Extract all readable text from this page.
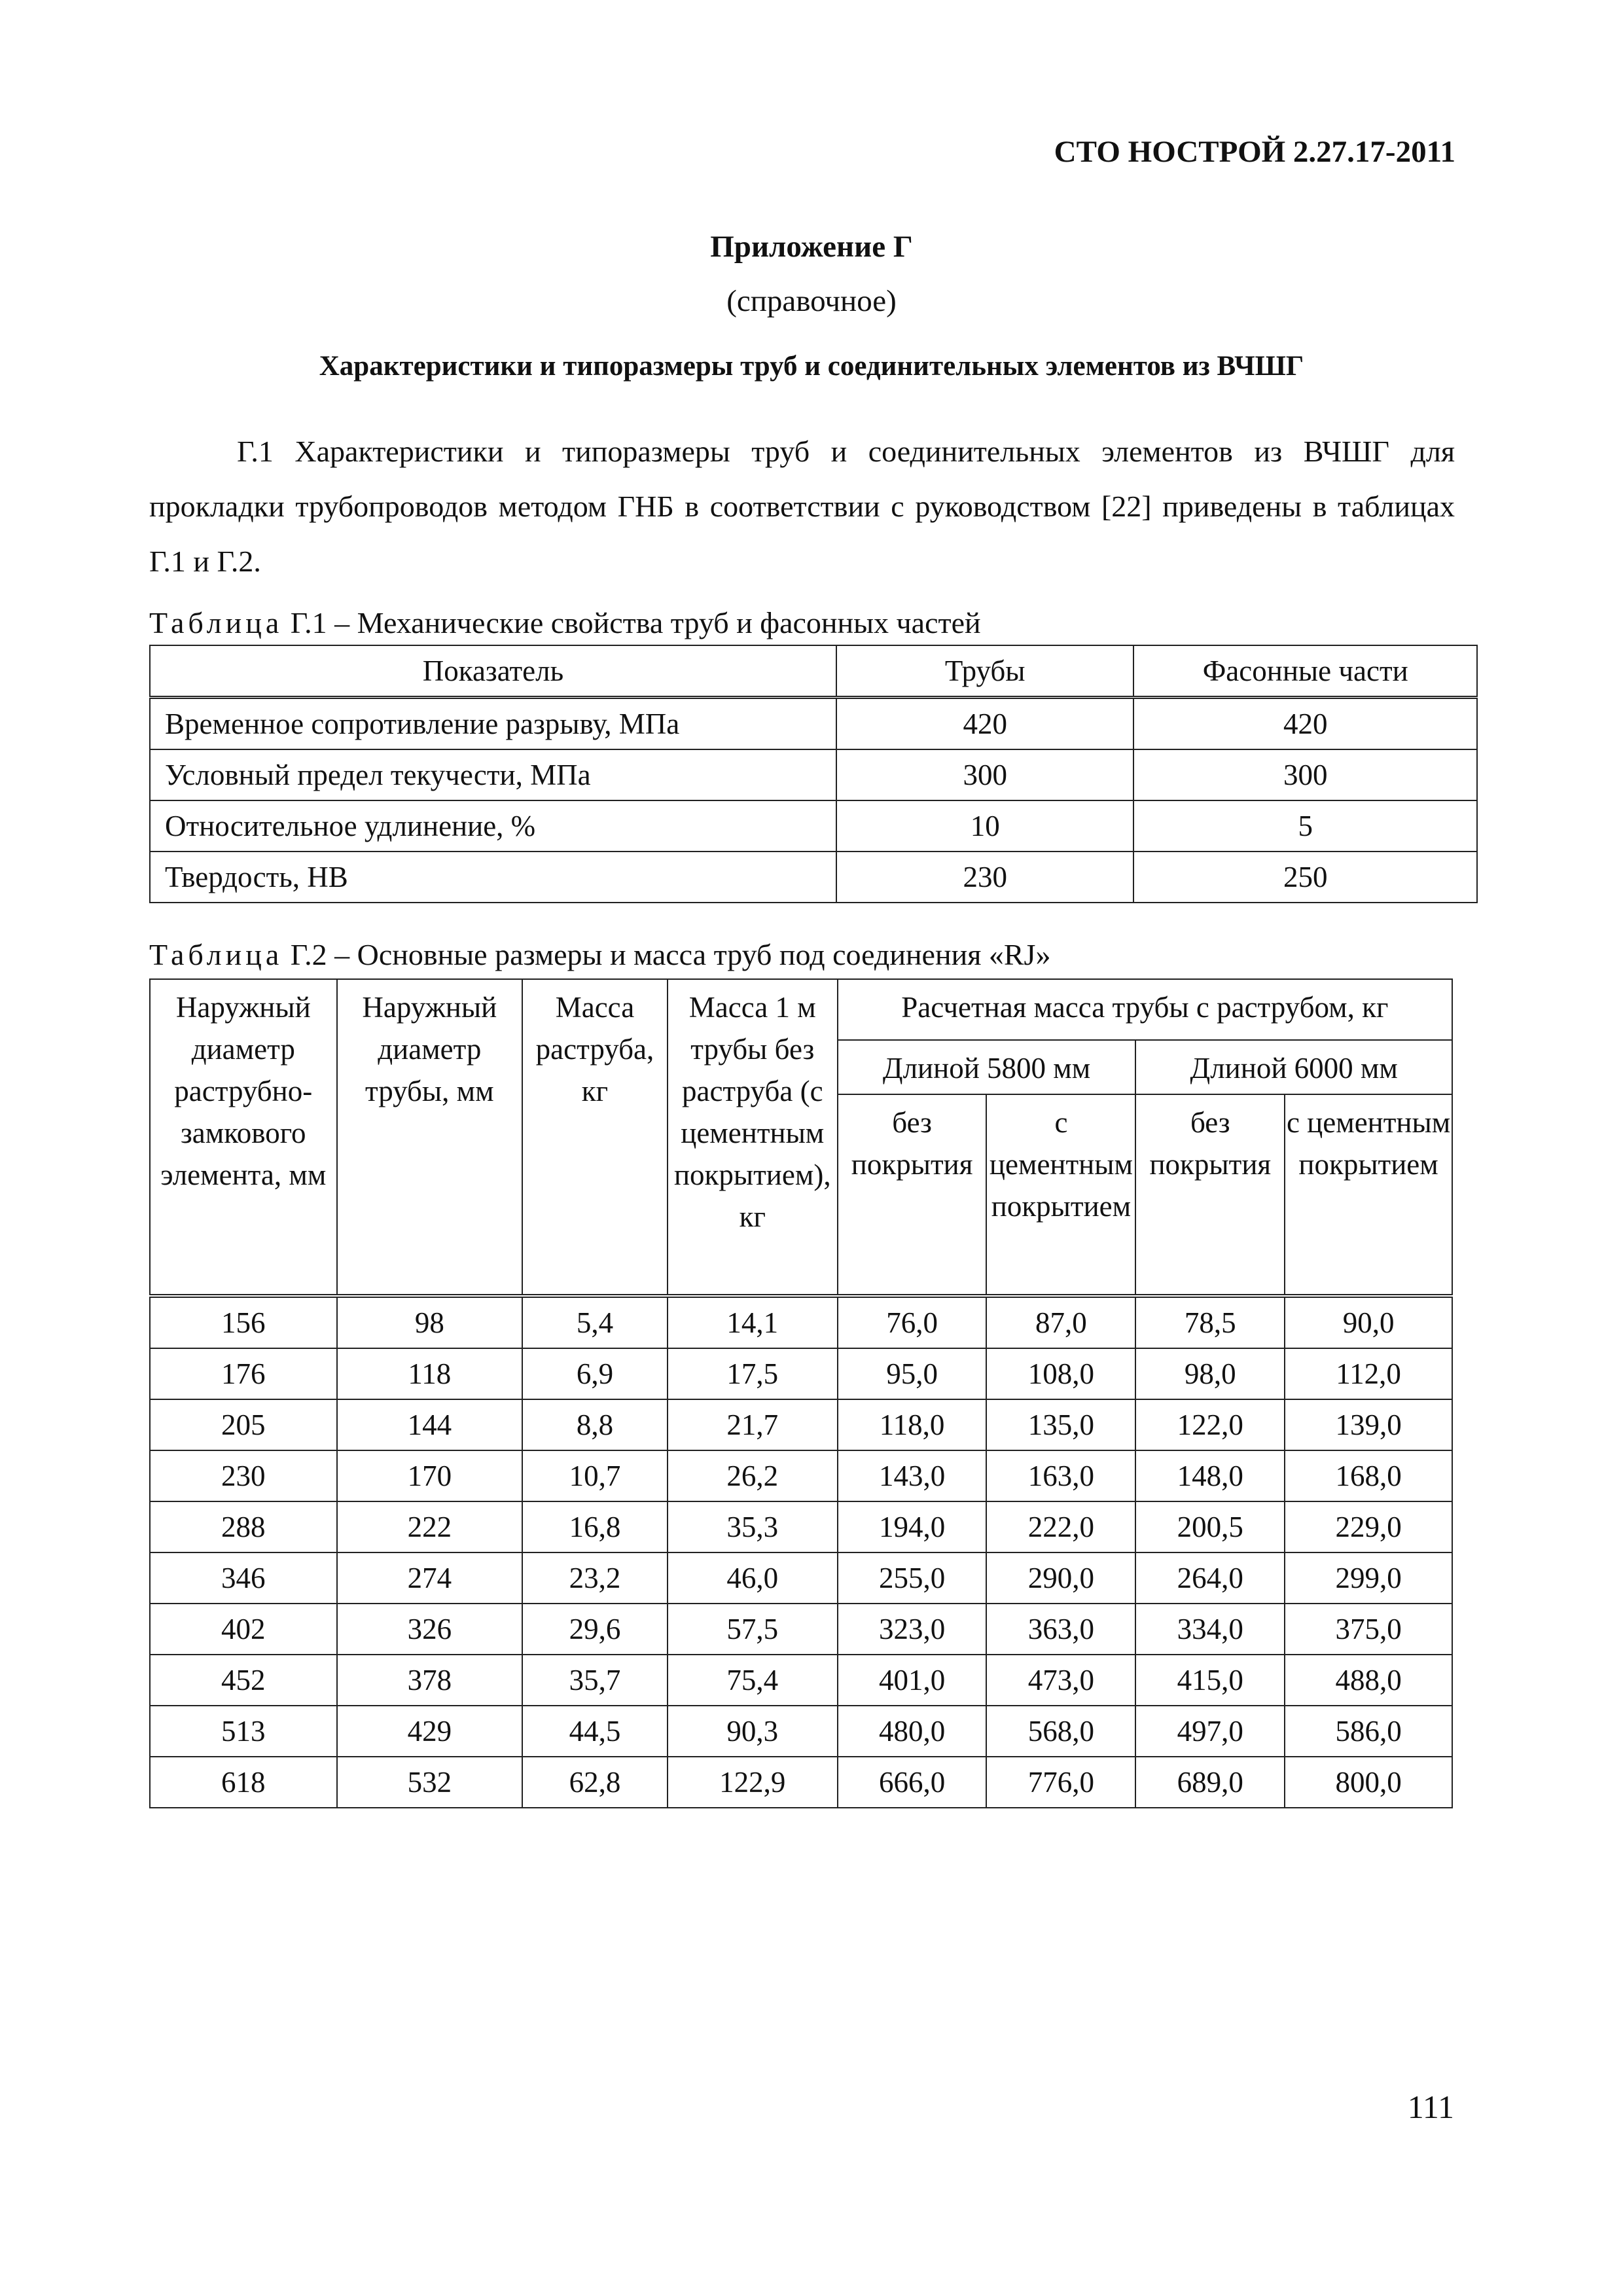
СТО НОСТРОЙ 2.27.17-2011
Приложение Г
(справочное)
Характеристики и типоразмеры труб и соединительных элементов из ВЧШГ

Г.1 Характеристики и типоразмеры труб и соединительных элементов из ВЧШГ для прокладки трубопроводов методом ГНБ в соответствии с руководством [22] приведены в таблицах Г.1 и Г.2.

Таблица Г.1 – Механические свойства труб и фасонных частей
Показатель	Трубы	Фасонные части
Временное сопротивление разрыву, МПа	420	420
Условный предел текучести, МПа	300	300
Относительное удлинение, %	10	5
Твердость, НВ	230	250
Таблица Г.2 – Основные размеры и масса труб под соединения «RJ»
Наружный диаметр раструбно-замкового элемента, мм	Наружный диаметр трубы, мм	Масса раструба, кг	Масса 1 м трубы без раструба (с цементным покрытием), кг	Расчетная масса трубы с раструбом, кг			
				Длиной 5800 мм		Длиной 6000 мм	
				без покрытия	с цементным покрытием	без покрытия	с цементным покрытием
156	98	5,4	14,1	76,0	87,0	78,5	90,0
176	118	6,9	17,5	95,0	108,0	98,0	112,0
205	144	8,8	21,7	118,0	135,0	122,0	139,0
230	170	10,7	26,2	143,0	163,0	148,0	168,0
288	222	16,8	35,3	194,0	222,0	200,5	229,0
346	274	23,2	46,0	255,0	290,0	264,0	299,0
402	326	29,6	57,5	323,0	363,0	334,0	375,0
452	378	35,7	75,4	401,0	473,0	415,0	488,0
513	429	44,5	90,3	480,0	568,0	497,0	586,0
618	532	62,8	122,9	666,0	776,0	689,0	800,0
111
